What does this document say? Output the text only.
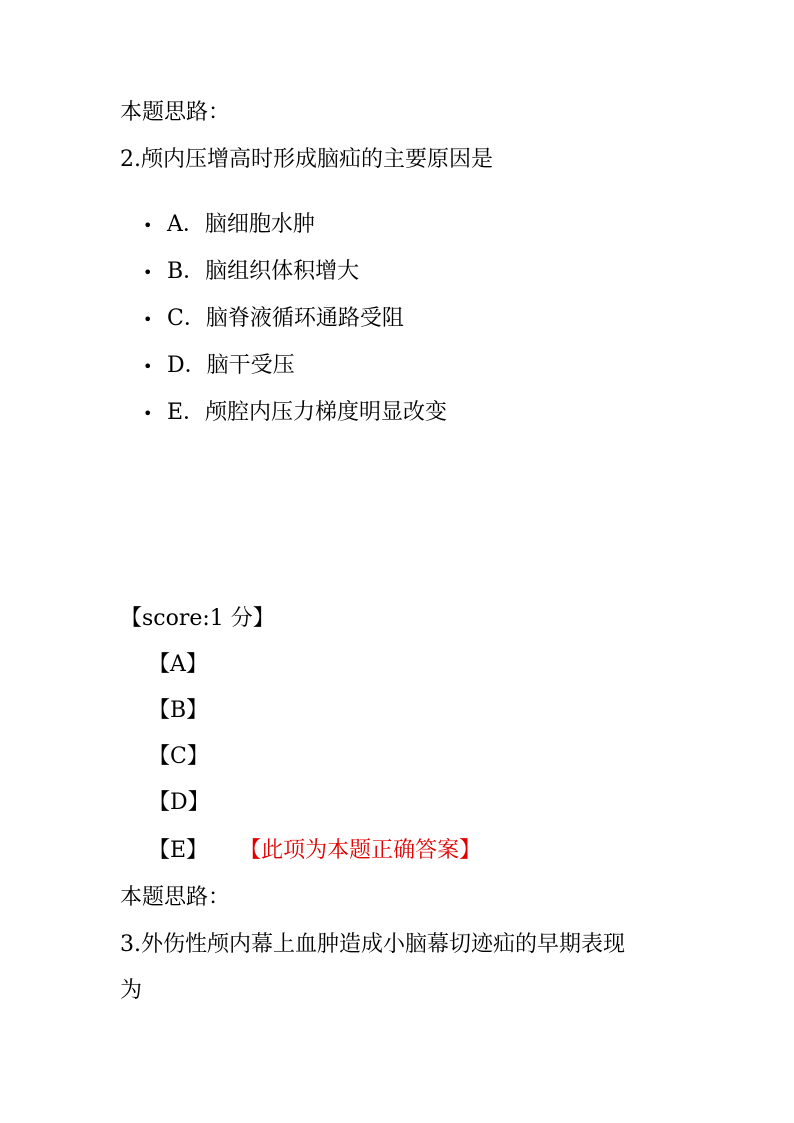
本题思路：
2.颅内压增高时形成脑疝的主要原因是
• A．脑细胞水肿
• B．脑组织体积增大
• C．脑脊液循环通路受阻
• D．脑干受压
• E．颅腔内压力梯度明显改变
【score:1 分】
【A】
【B】
【C】
【D】
【E】 【此项为本题正确答案】
本题思路：
3.外伤性颅内幕上血肿造成小脑幕切迹疝的早期表现
为
